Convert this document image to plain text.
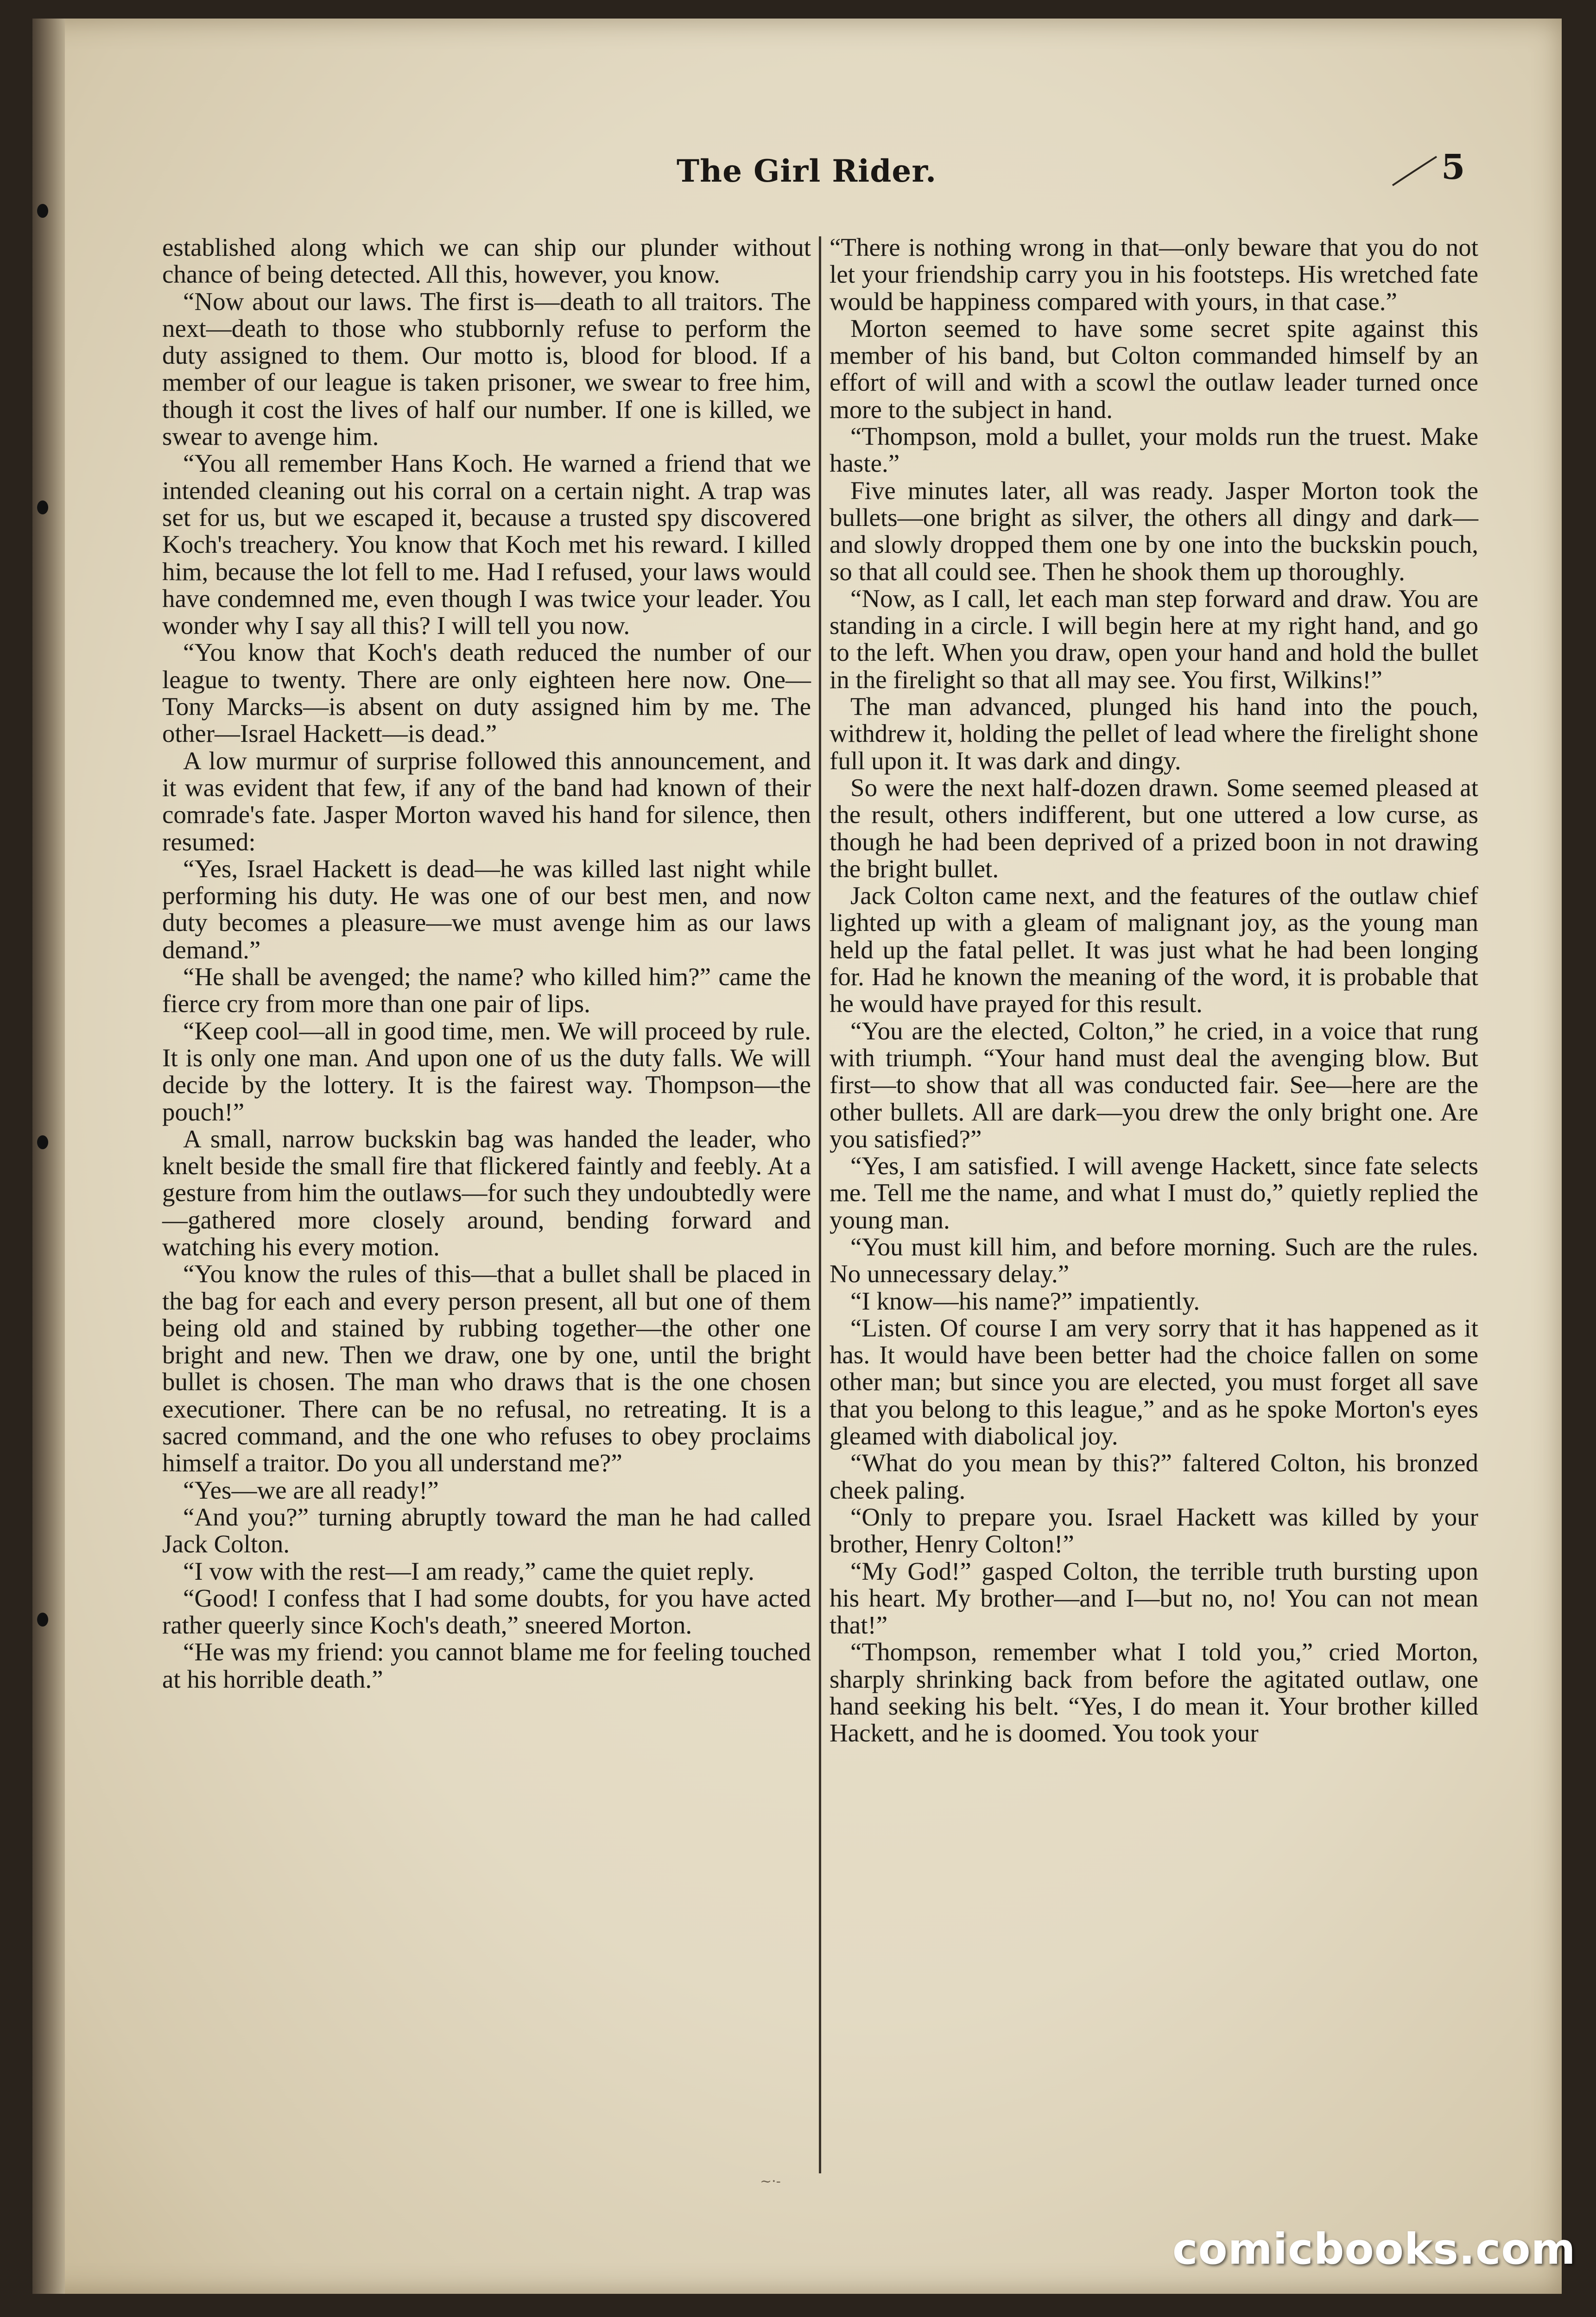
The Girl Rider.	5

established along which we can ship our plunder without chance of being detected. All this, however, you know.

“Now about our laws. The first is—death to all traitors. The next—death to those who stubbornly refuse to perform the duty assigned to them. Our motto is, blood for blood. If a member of our league is taken prisoner, we swear to free him, though it cost the lives of half our number. If one is killed, we swear to avenge him.

“You all remember Hans Koch. He warned a friend that we intended cleaning out his corral on a certain night. A trap was set for us, but we escaped it, because a trusted spy discovered Koch's treachery. You know that Koch met his reward. I killed him, because the lot fell to me. Had I refused, your laws would have condemned me, even though I was twice your leader. You wonder why I say all this? I will tell you now.

“You know that Koch's death reduced the number of our league to twenty. There are only eighteen here now. One—Tony Marcks—is absent on duty assigned him by me. The other—Israel Hackett—is dead.”

A low murmur of surprise followed this announcement, and it was evident that few, if any of the band had known of their comrade's fate. Jasper Morton waved his hand for silence, then resumed:

“Yes, Israel Hackett is dead—he was killed last night while performing his duty. He was one of our best men, and now duty becomes a pleasure—we must avenge him as our laws demand.”

“He shall be avenged; the name? who killed him?” came the fierce cry from more than one pair of lips.

“Keep cool—all in good time, men. We will proceed by rule. It is only one man. And upon one of us the duty falls. We will decide by the lottery. It is the fairest way. Thompson—the pouch!”

A small, narrow buckskin bag was handed the leader, who knelt beside the small fire that flickered faintly and feebly. At a gesture from him the outlaws—for such they undoubtedly were—gathered more closely around, bending forward and watching his every motion.

“You know the rules of this—that a bullet shall be placed in the bag for each and every person present, all but one of them being old and stained by rubbing together—the other one bright and new. Then we draw, one by one, until the bright bullet is chosen. The man who draws that is the one chosen executioner. There can be no refusal, no retreating. It is a sacred command, and the one who refuses to obey proclaims himself a traitor. Do you all understand me?”

“Yes—we are all ready!”

“And you?” turning abruptly toward the man he had called Jack Colton.

“I vow with the rest—I am ready,” came the quiet reply.

“Good! I confess that I had some doubts, for you have acted rather queerly since Koch's death,” sneered Morton.

“He was my friend: you cannot blame me for feeling touched at his horrible death.”

“There is nothing wrong in that—only beware that you do not let your friendship carry you in his footsteps. His wretched fate would be happiness compared with yours, in that case.”

Morton seemed to have some secret spite against this member of his band, but Colton commanded himself by an effort of will and with a scowl the outlaw leader turned once more to the subject in hand.

“Thompson, mold a bullet, your molds run the truest. Make haste.”

Five minutes later, all was ready. Jasper Morton took the bullets—one bright as silver, the others all dingy and dark—and slowly dropped them one by one into the buckskin pouch, so that all could see. Then he shook them up thoroughly.

“Now, as I call, let each man step forward and draw. You are standing in a circle. I will begin here at my right hand, and go to the left. When you draw, open your hand and hold the bullet in the firelight so that all may see. You first, Wilkins!”

The man advanced, plunged his hand into the pouch, withdrew it, holding the pellet of lead where the firelight shone full upon it. It was dark and dingy.

So were the next half-dozen drawn. Some seemed pleased at the result, others indifferent, but one uttered a low curse, as though he had been deprived of a prized boon in not drawing the bright bullet.

Jack Colton came next, and the features of the outlaw chief lighted up with a gleam of malignant joy, as the young man held up the fatal pellet. It was just what he had been longing for. Had he known the meaning of the word, it is probable that he would have prayed for this result.

“You are the elected, Colton,” he cried, in a voice that rung with triumph. “Your hand must deal the avenging blow. But first—to show that all was conducted fair. See—here are the other bullets. All are dark—you drew the only bright one. Are you satisfied?”

“Yes, I am satisfied. I will avenge Hackett, since fate selects me. Tell me the name, and what I must do,” quietly replied the young man.

“You must kill him, and before morning. Such are the rules. No unnecessary delay.”

“I know—his name?” impatiently.

“Listen. Of course I am very sorry that it has happened as it has. It would have been better had the choice fallen on some other man; but since you are elected, you must forget all save that you belong to this league,” and as he spoke Morton's eyes gleamed with diabolical joy.

“What do you mean by this?” faltered Colton, his bronzed cheek paling.

“Only to prepare you. Israel Hackett was killed by your brother, Henry Colton!”

“My God!” gasped Colton, the terrible truth bursting upon his heart. My brother—and I—but no, no! You can not mean that!”

“Thompson, remember what I told you,” cried Morton, sharply shrinking back from before the agitated outlaw, one hand seeking his belt. “Yes, I do mean it. Your brother killed Hackett, and he is doomed. You took your

~·-
comicbooks.com
